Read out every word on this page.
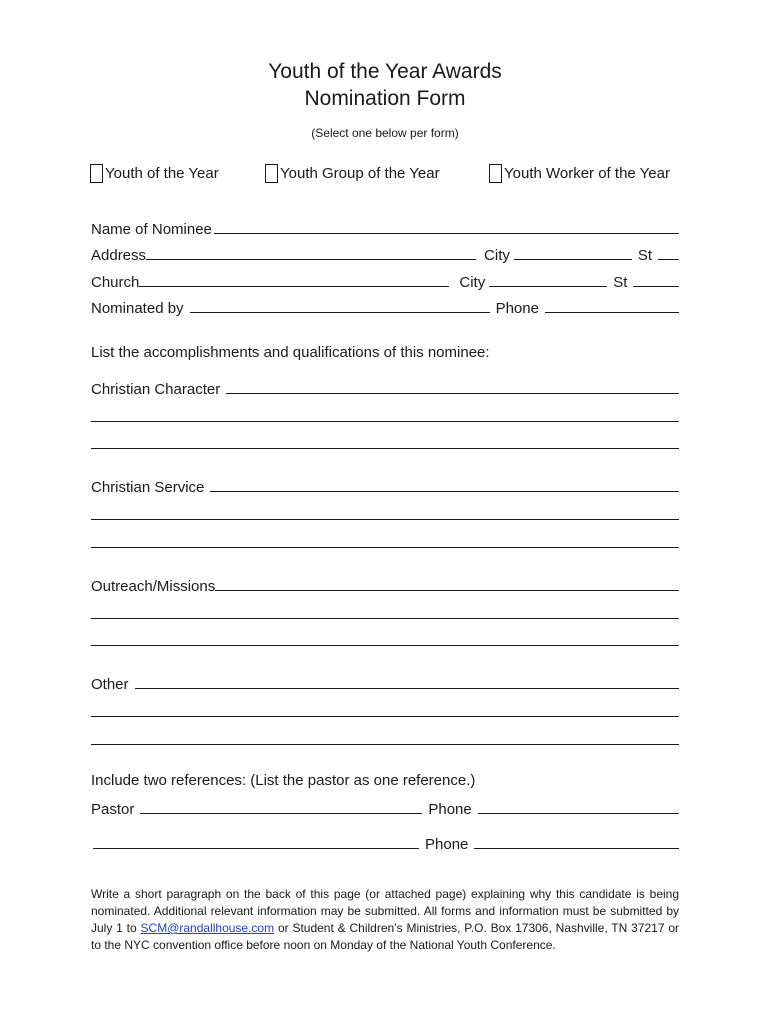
Youth of the Year Awards
Nomination Form
(Select one below per form)
Youth of the Year	Youth Group of the Year	Youth Worker of the Year
Name of Nominee
Address	City	St
Church	City	St
Nominated by	Phone
List the accomplishments and qualifications of this nominee:
Christian Character
Christian Service
Outreach/Missions
Other
Include two references: (List the pastor as one reference.)
Pastor	Phone
Phone
Write a short paragraph on the back of this page (or attached page) explaining why this candidate is being nominated. Additional relevant information may be submitted. All forms and information must be submitted by July 1 to SCM@randallhouse.com or Student & Children’s Ministries, P.O. Box 17306, Nashville, TN 37217 or to the NYC convention office before noon on Monday of the National Youth Conference.
